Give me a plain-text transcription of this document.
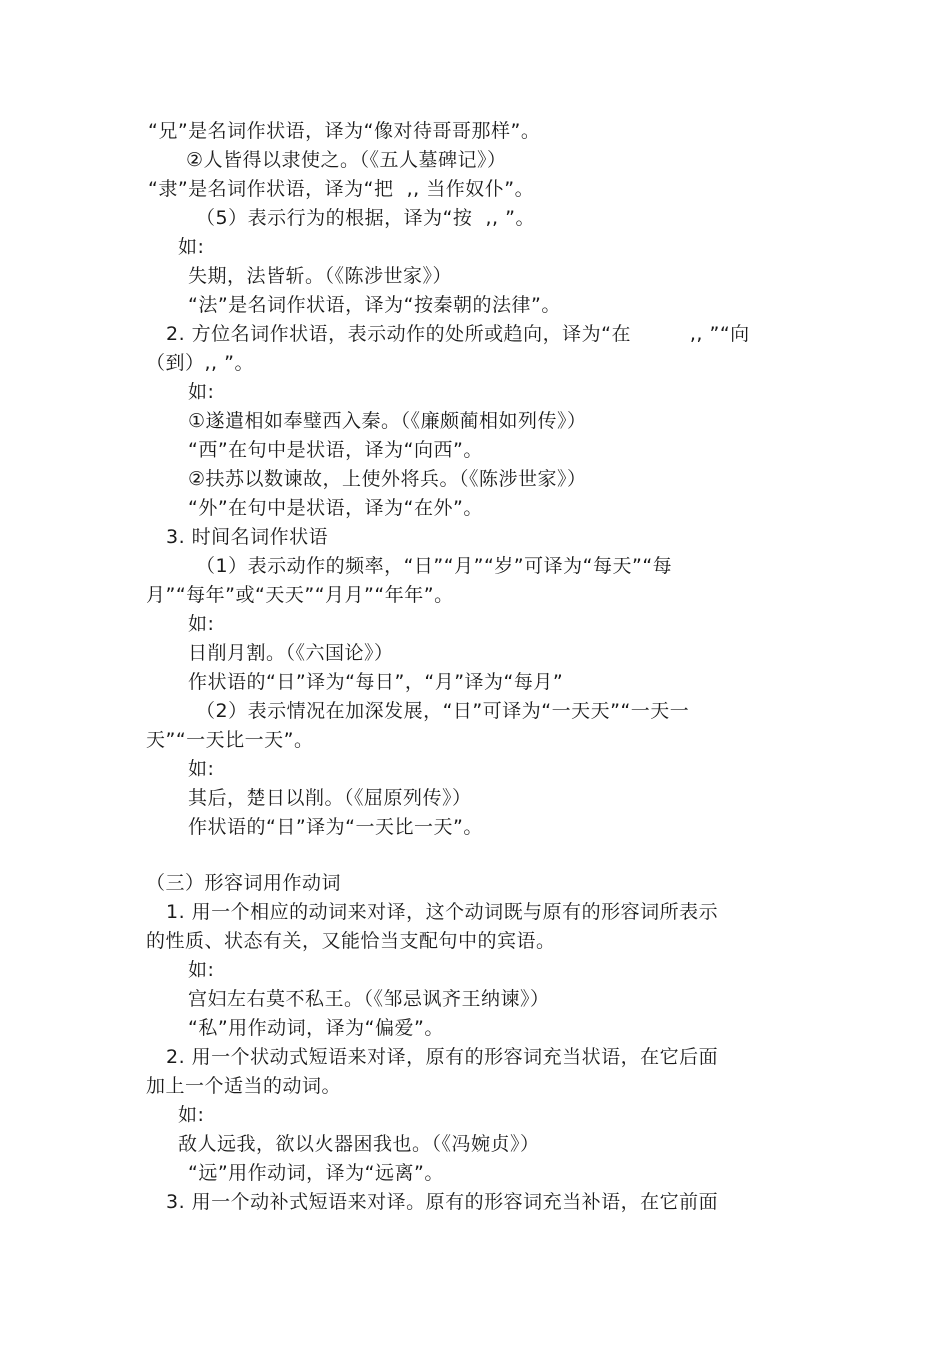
“兄”是名词作状语，译为“像对待哥哥那样”。
②人皆得以隶使之。（《五人墓碑记》）
“隶”是名词作状语，译为“把  ,, 当作奴仆”。
（5）表示行为的根据，译为“按  ,, ”。
如:
失期，法皆斩。（《陈涉世家》）
“法”是名词作状语，译为“按秦朝的法律”。
2. 方位名词作状语，表示动作的处所或趋向，译为“在         ,, ”“向
（到）,, ”。
如:
①遂遣相如奉璧西入秦。（《廉颇蔺相如列传》）
“西”在句中是状语，译为“向西”。
②扶苏以数谏故，上使外将兵。（《陈涉世家》）
“外”在句中是状语，译为“在外”。
3. 时间名词作状语
（1）表示动作的频率，“日”“月”“岁”可译为“每天”“每
月”“每年”或“天天”“月月”“年年”。
如:
日削月割。（《六国论》）
作状语的“日”译为“每日”，“月”译为“每月”
（2）表示情况在加深发展，“日”可译为“一天天”“一天一
天”“一天比一天”。
如:
其后，楚日以削。（《屈原列传》）
作状语的“日”译为“一天比一天”。
（三）形容词用作动词
1. 用一个相应的动词来对译，这个动词既与原有的形容词所表示
的性质、状态有关，又能恰当支配句中的宾语。
如:
宫妇左右莫不私王。（《邹忌讽齐王纳谏》）
“私”用作动词，译为“偏爱”。
2. 用一个状动式短语来对译，原有的形容词充当状语，在它后面
加上一个适当的动词。
如:
敌人远我，欲以火器困我也。（《冯婉贞》）
“远”用作动词，译为“远离”。
3. 用一个动补式短语来对译。原有的形容词充当补语，在它前面
